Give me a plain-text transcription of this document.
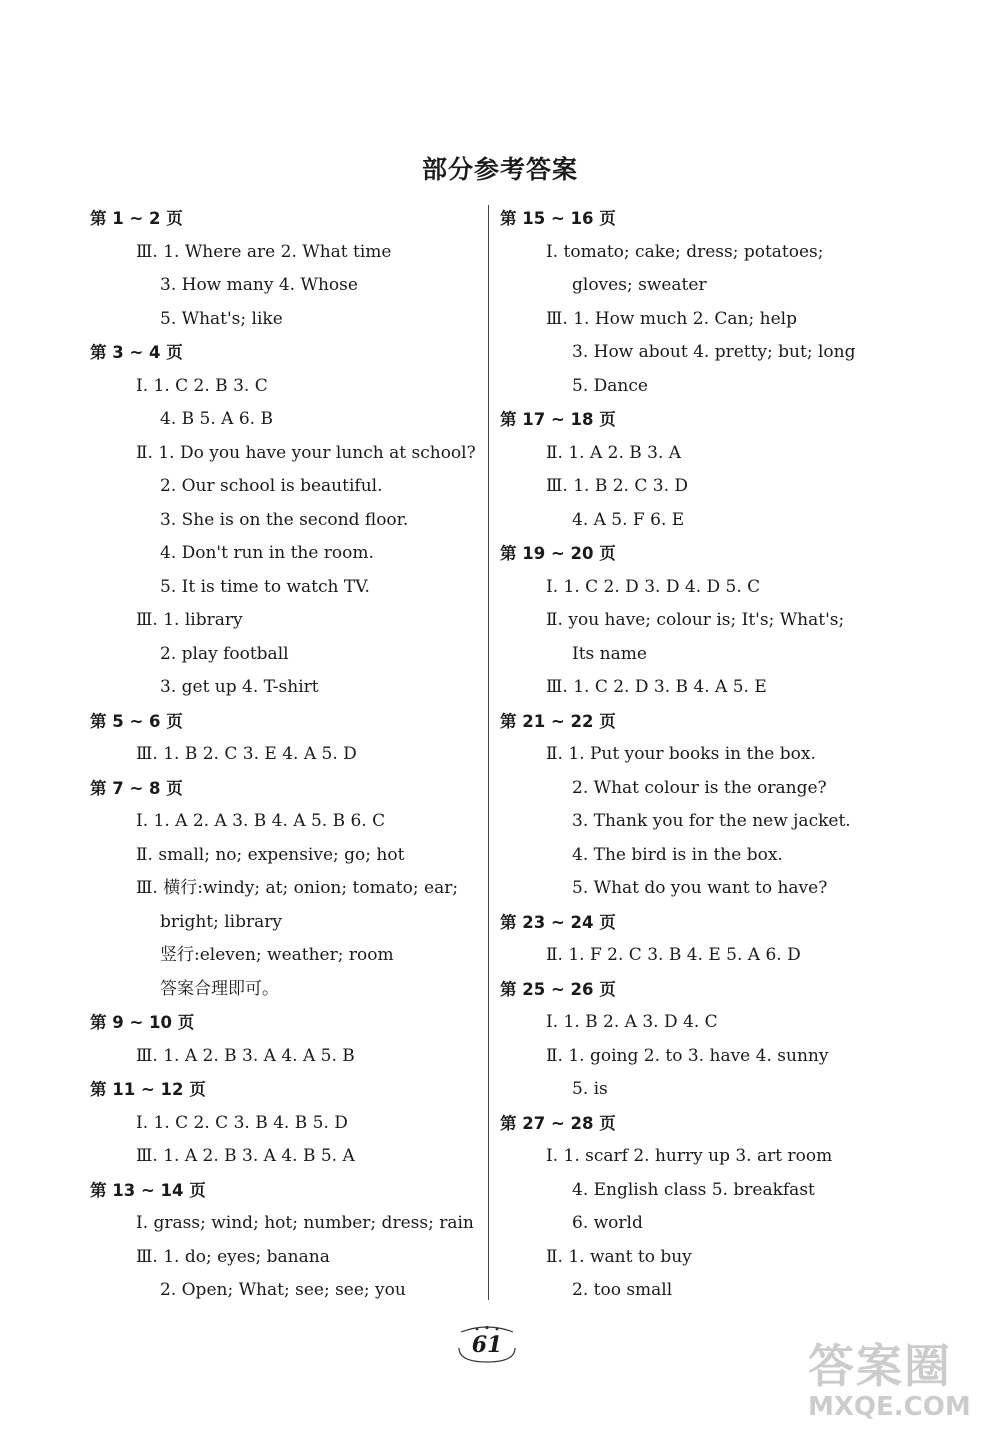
部分参考答案
第 1 ~ 2 页
Ⅲ. 1. Where are 2. What time
3. How many 4. Whose
5. What's; like
第 3 ~ 4 页
Ⅰ. 1. C 2. B 3. C
4. B 5. A 6. B
Ⅱ. 1. Do you have your lunch at school?
2. Our school is beautiful.
3. She is on the second floor.
4. Don't run in the room.
5. It is time to watch TV.
Ⅲ. 1. library
2. play football
3. get up 4. T-shirt
第 5 ~ 6 页
Ⅲ. 1. B 2. C 3. E 4. A 5. D
第 7 ~ 8 页
Ⅰ. 1. A 2. A 3. B 4. A 5. B 6. C
Ⅱ. small; no; expensive; go; hot
Ⅲ. 横行:windy; at; onion; tomato; ear;
bright; library
竖行:eleven; weather; room
答案合理即可。
第 9 ~ 10 页
Ⅲ. 1. A 2. B 3. A 4. A 5. B
第 11 ~ 12 页
Ⅰ. 1. C 2. C 3. B 4. B 5. D
Ⅲ. 1. A 2. B 3. A 4. B 5. A
第 13 ~ 14 页
Ⅰ. grass; wind; hot; number; dress; rain
Ⅲ. 1. do; eyes; banana
2. Open; What; see; see; you
第 15 ~ 16 页
Ⅰ. tomato; cake; dress; potatoes;
gloves; sweater
Ⅲ. 1. How much 2. Can; help
3. How about 4. pretty; but; long
5. Dance
第 17 ~ 18 页
Ⅱ. 1. A 2. B 3. A
Ⅲ. 1. B 2. C 3. D
4. A 5. F 6. E
第 19 ~ 20 页
Ⅰ. 1. C 2. D 3. D 4. D 5. C
Ⅱ. you have; colour is; It's; What's;
Its name
Ⅲ. 1. C 2. D 3. B 4. A 5. E
第 21 ~ 22 页
Ⅱ. 1. Put your books in the box.
2. What colour is the orange?
3. Thank you for the new jacket.
4. The bird is in the box.
5. What do you want to have?
第 23 ~ 24 页
Ⅱ. 1. F 2. C 3. B 4. E 5. A 6. D
第 25 ~ 26 页
Ⅰ. 1. B 2. A 3. D 4. C
Ⅱ. 1. going 2. to 3. have 4. sunny
5. is
第 27 ~ 28 页
Ⅰ. 1. scarf 2. hurry up 3. art room
4. English class 5. breakfast
6. world
Ⅱ. 1. want to buy
2. too small
61	答案圈
MXQE.COM
